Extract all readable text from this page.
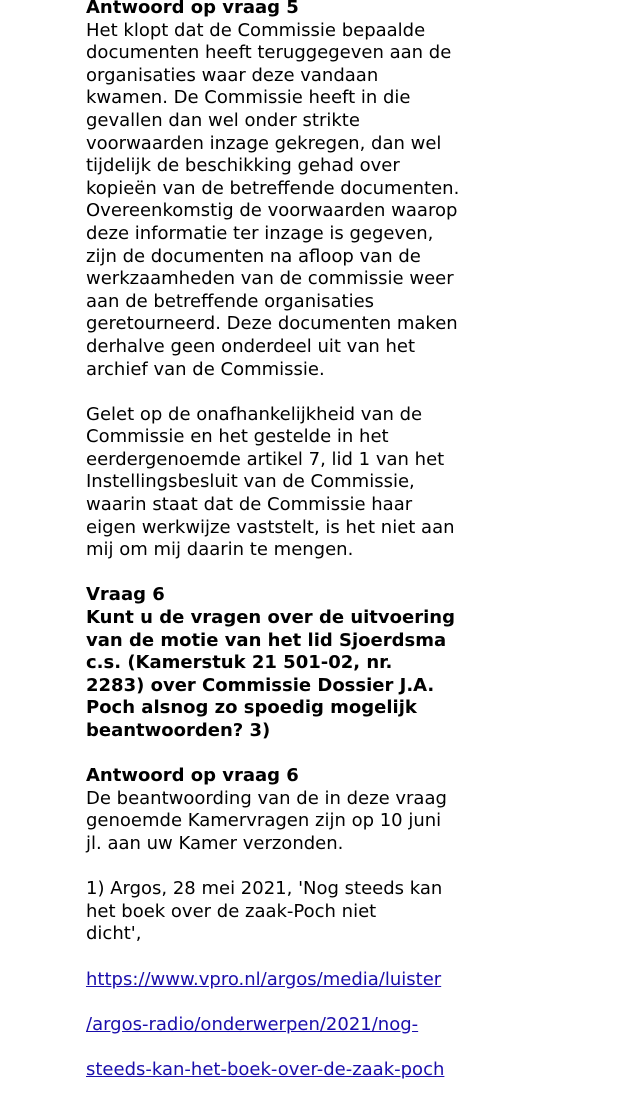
Antwoord op vraag 5
Het klopt dat de Commissie bepaalde
documenten heeft teruggegeven aan de
organisaties waar deze vandaan
kwamen. De Commissie heeft in die
gevallen dan wel onder strikte
voorwaarden inzage gekregen, dan wel
tijdelijk de beschikking gehad over
kopieën van de betreffende documenten.
Overeenkomstig de voorwaarden waarop
deze informatie ter inzage is gegeven,
zijn de documenten na afloop van de
werkzaamheden van de commissie weer
aan de betreffende organisaties
geretourneerd. Deze documenten maken
derhalve geen onderdeel uit van het
archief van de Commissie.
Gelet op de onafhankelijkheid van de
Commissie en het gestelde in het
eerdergenoemde artikel 7, lid 1 van het
Instellingsbesluit van de Commissie,
waarin staat dat de Commissie haar
eigen werkwijze vaststelt, is het niet aan
mij om mij daarin te mengen.
Vraag 6
Kunt u de vragen over de uitvoering
van de motie van het lid Sjoerdsma
c.s. (Kamerstuk 21 501-02, nr.
2283) over Commissie Dossier J.A.
Poch alsnog zo spoedig mogelijk
beantwoorden? 3)
Antwoord op vraag 6
De beantwoording van de in deze vraag
genoemde Kamervragen zijn op 10 juni
jl. aan uw Kamer verzonden.
1) Argos, 28 mei 2021, 'Nog steeds kan
het boek over de zaak-Poch niet
dicht',

https://www.vpro.nl/argos/media/luister

/argos-radio/onderwerpen/2021/nog-

steeds-kan-het-boek-over-de-zaak-poch
